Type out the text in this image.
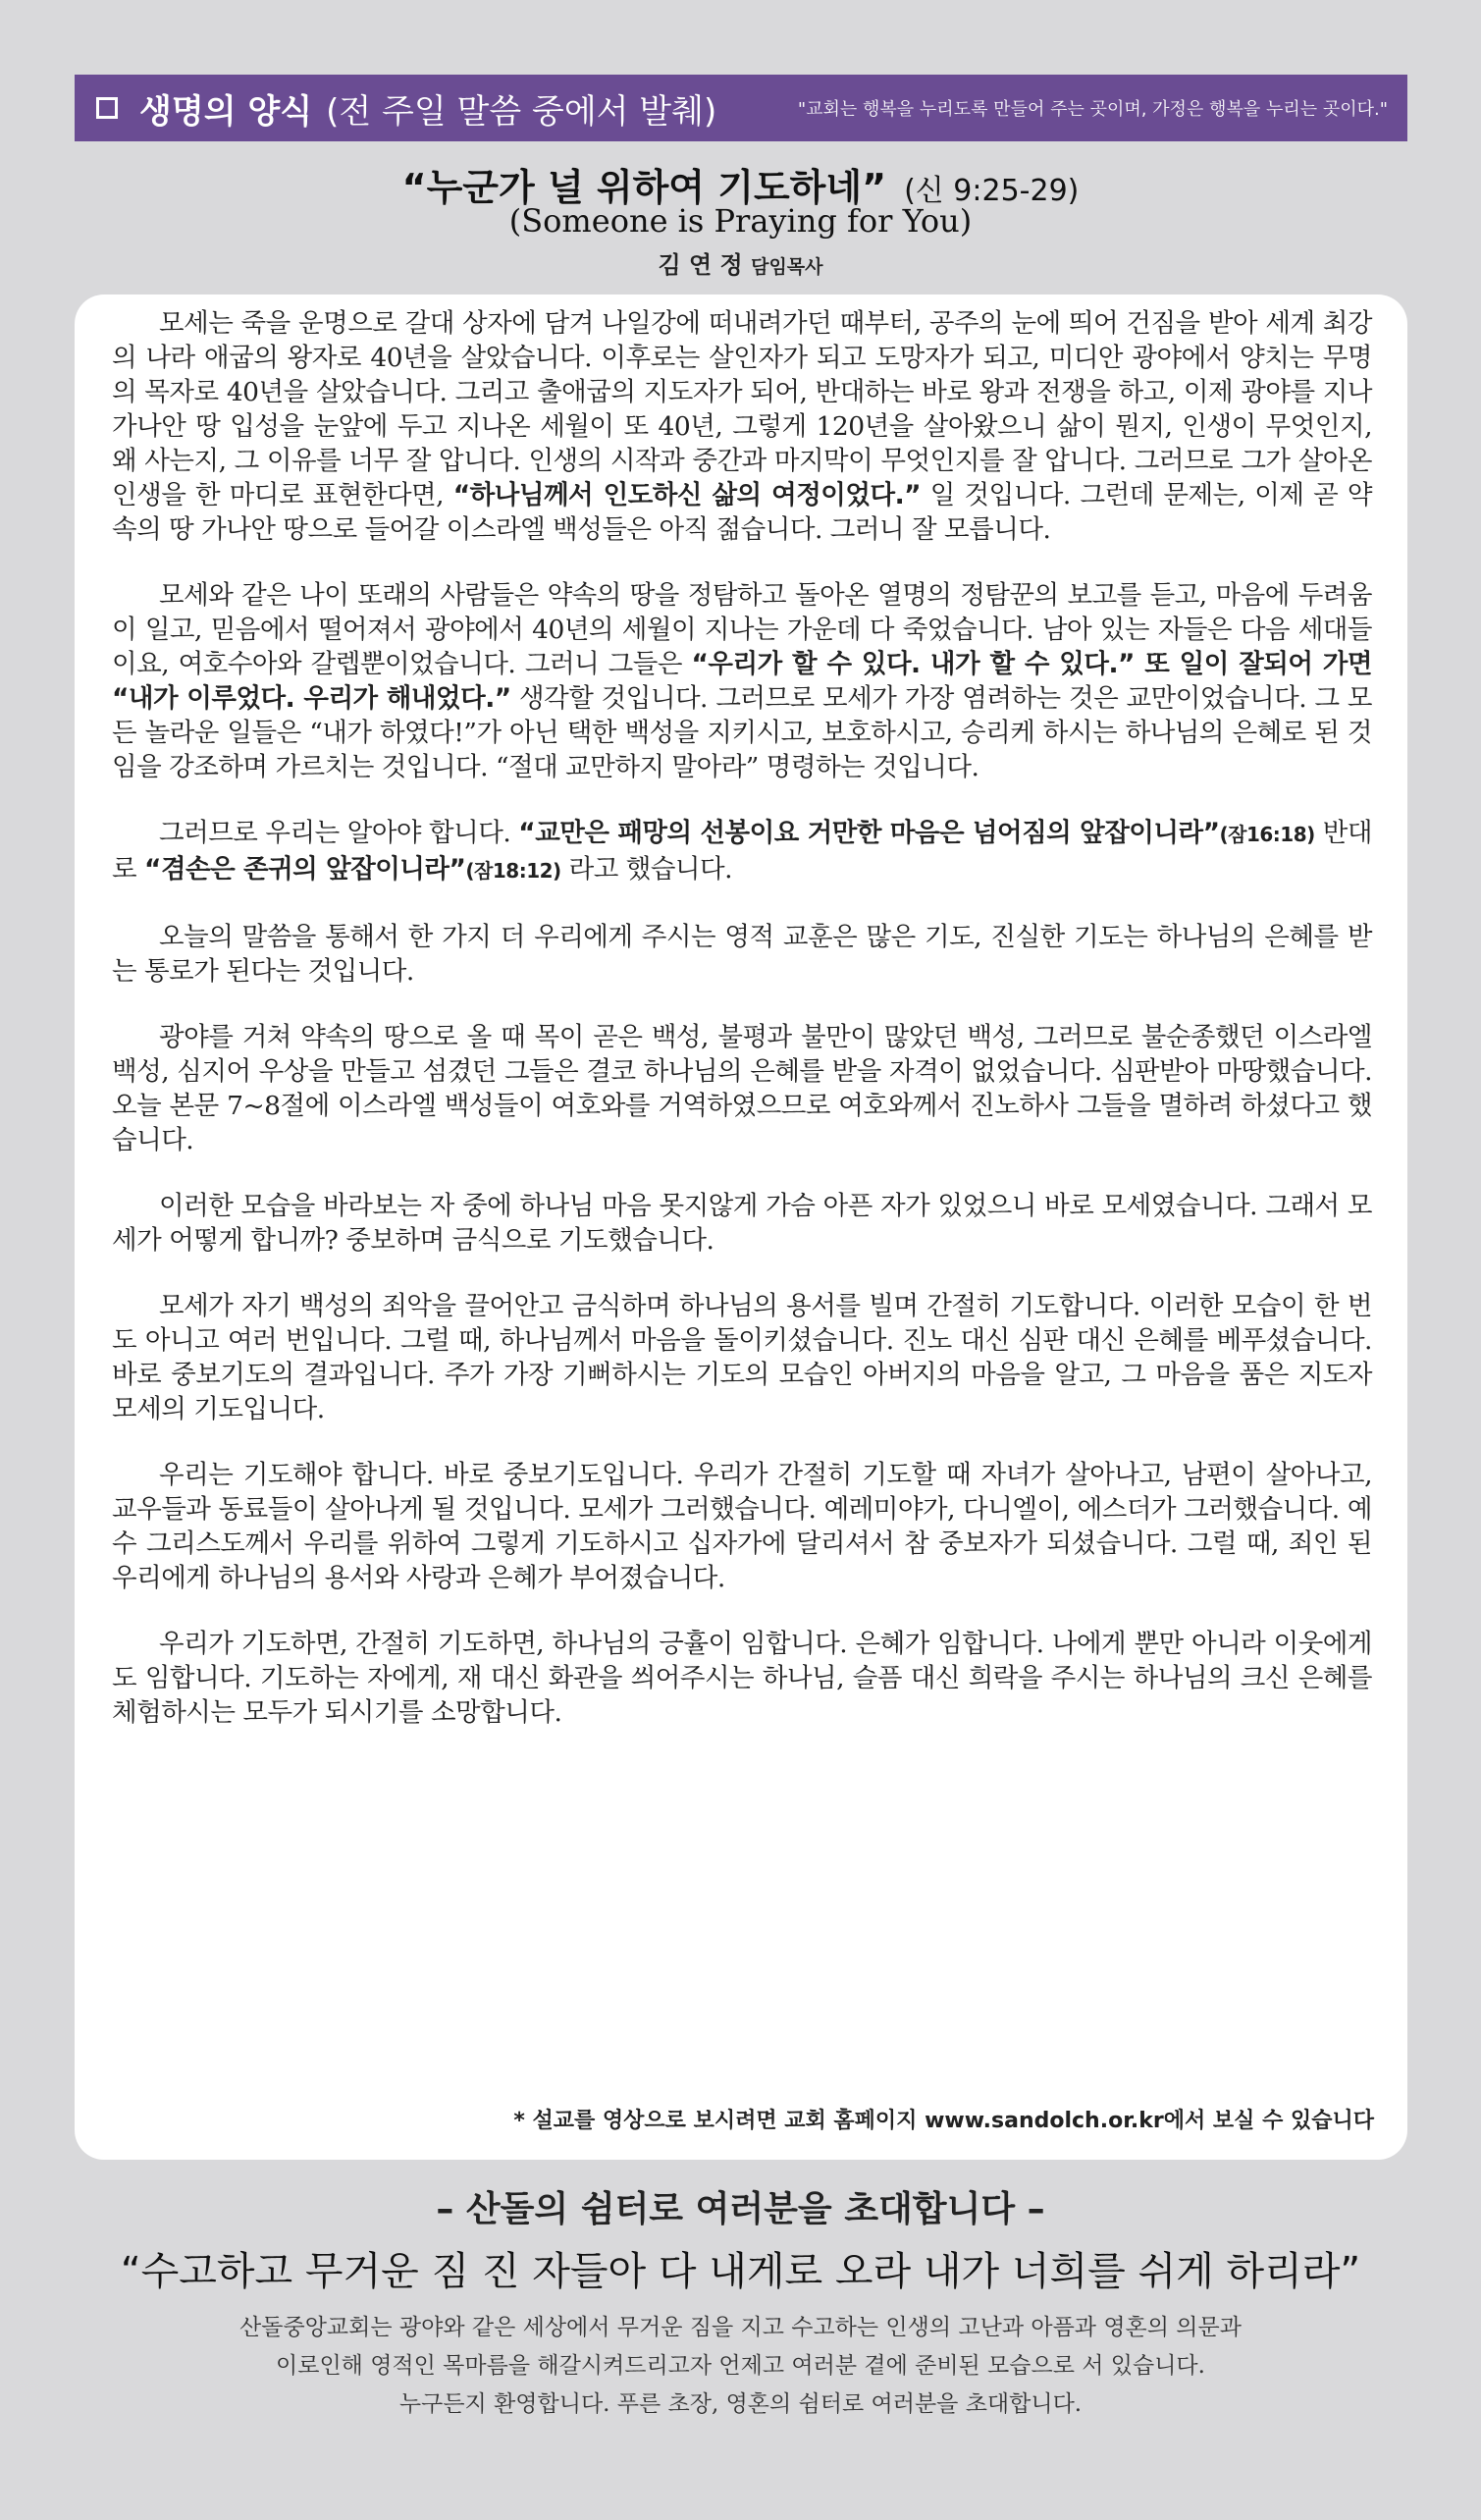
생명의 양식 (전 주일 말씀 중에서 발췌)	"교회는 행복을 누리도록 만들어 주는 곳이며, 가정은 행복을 누리는 곳이다."
“누군가 널 위하여 기도하네” (신 9:25-29)
(Someone is Praying for You)
김 연 정 담임목사

모세는 죽을 운명으로 갈대 상자에 담겨 나일강에 떠내려가던 때부터, 공주의 눈에 띄어 건짐을 받아 세계 최강의 나라 애굽의 왕자로 40년을 살았습니다. 이후로는 살인자가 되고 도망자가 되고, 미디안 광야에서 양치는 무명의 목자로 40년을 살았습니다. 그리고 출애굽의 지도자가 되어, 반대하는 바로 왕과 전쟁을 하고, 이제 광야를 지나 가나안 땅 입성을 눈앞에 두고 지나온 세월이 또 40년, 그렇게 120년을 살아왔으니 삶이 뭔지, 인생이 무엇인지, 왜 사는지, 그 이유를 너무 잘 압니다. 인생의 시작과 중간과 마지막이 무엇인지를 잘 압니다. 그러므로 그가 살아온 인생을 한 마디로 표현한다면, “하나님께서 인도하신 삶의 여정이었다.” 일 것입니다. 그런데 문제는, 이제 곧 약속의 땅 가나안 땅으로 들어갈 이스라엘 백성들은 아직 젊습니다. 그러니 잘 모릅니다.

모세와 같은 나이 또래의 사람들은 약속의 땅을 정탐하고 돌아온 열명의 정탐꾼의 보고를 듣고, 마음에 두려움이 일고, 믿음에서 떨어져서 광야에서 40년의 세월이 지나는 가운데 다 죽었습니다. 남아 있는 자들은 다음 세대들이요, 여호수아와 갈렙뿐이었습니다. 그러니 그들은 “우리가 할 수 있다. 내가 할 수 있다.” 또 일이 잘되어 가면 “내가 이루었다. 우리가 해내었다.” 생각할 것입니다. 그러므로 모세가 가장 염려하는 것은 교만이었습니다. 그 모든 놀라운 일들은 “내가 하였다!”가 아닌 택한 백성을 지키시고, 보호하시고, 승리케 하시는 하나님의 은혜로 된 것임을 강조하며 가르치는 것입니다. “절대 교만하지 말아라” 명령하는 것입니다.

그러므로 우리는 알아야 합니다. “교만은 패망의 선봉이요 거만한 마음은 넘어짐의 앞잡이니라”(잠16:18) 반대로 “겸손은 존귀의 앞잡이니라”(잠18:12) 라고 했습니다.

오늘의 말씀을 통해서 한 가지 더 우리에게 주시는 영적 교훈은 많은 기도, 진실한 기도는 하나님의 은혜를 받는 통로가 된다는 것입니다.

광야를 거쳐 약속의 땅으로 올 때 목이 곧은 백성, 불평과 불만이 많았던 백성, 그러므로 불순종했던 이스라엘 백성, 심지어 우상을 만들고 섬겼던 그들은 결코 하나님의 은혜를 받을 자격이 없었습니다. 심판받아 마땅했습니다. 오늘 본문 7~8절에 이스라엘 백성들이 여호와를 거역하였으므로 여호와께서 진노하사 그들을 멸하려 하셨다고 했습니다.

이러한 모습을 바라보는 자 중에 하나님 마음 못지않게 가슴 아픈 자가 있었으니 바로 모세였습니다. 그래서 모세가 어떻게 합니까? 중보하며 금식으로 기도했습니다.

모세가 자기 백성의 죄악을 끌어안고 금식하며 하나님의 용서를 빌며 간절히 기도합니다. 이러한 모습이 한 번도 아니고 여러 번입니다. 그럴 때, 하나님께서 마음을 돌이키셨습니다. 진노 대신 심판 대신 은혜를 베푸셨습니다. 바로 중보기도의 결과입니다. 주가 가장 기뻐하시는 기도의 모습인 아버지의 마음을 알고, 그 마음을 품은 지도자 모세의 기도입니다.

우리는 기도해야 합니다. 바로 중보기도입니다. 우리가 간절히 기도할 때 자녀가 살아나고, 남편이 살아나고, 교우들과 동료들이 살아나게 될 것입니다. 모세가 그러했습니다. 예레미야가, 다니엘이, 에스더가 그러했습니다. 예수 그리스도께서 우리를 위하여 그렇게 기도하시고 십자가에 달리셔서 참 중보자가 되셨습니다. 그럴 때, 죄인 된 우리에게 하나님의 용서와 사랑과 은혜가 부어졌습니다.

우리가 기도하면, 간절히 기도하면, 하나님의 긍휼이 임합니다. 은혜가 임합니다. 나에게 뿐만 아니라 이웃에게도 임합니다. 기도하는 자에게, 재 대신 화관을 씌어주시는 하나님, 슬픔 대신 희락을 주시는 하나님의 크신 은혜를 체험하시는 모두가 되시기를 소망합니다.

* 설교를 영상으로 보시려면 교회 홈페이지 www.sandolch.or.kr에서 보실 수 있습니다
– 산돌의 쉼터로 여러분을 초대합니다 –
“수고하고 무거운 짐 진 자들아 다 내게로 오라 내가 너희를 쉬게 하리라”
산돌중앙교회는 광야와 같은 세상에서 무거운 짐을 지고 수고하는 인생의 고난과 아픔과 영혼의 의문과
이로인해 영적인 목마름을 해갈시켜드리고자 언제고 여러분 곁에 준비된 모습으로 서 있습니다.
누구든지 환영합니다. 푸른 초장, 영혼의 쉼터로 여러분을 초대합니다.
